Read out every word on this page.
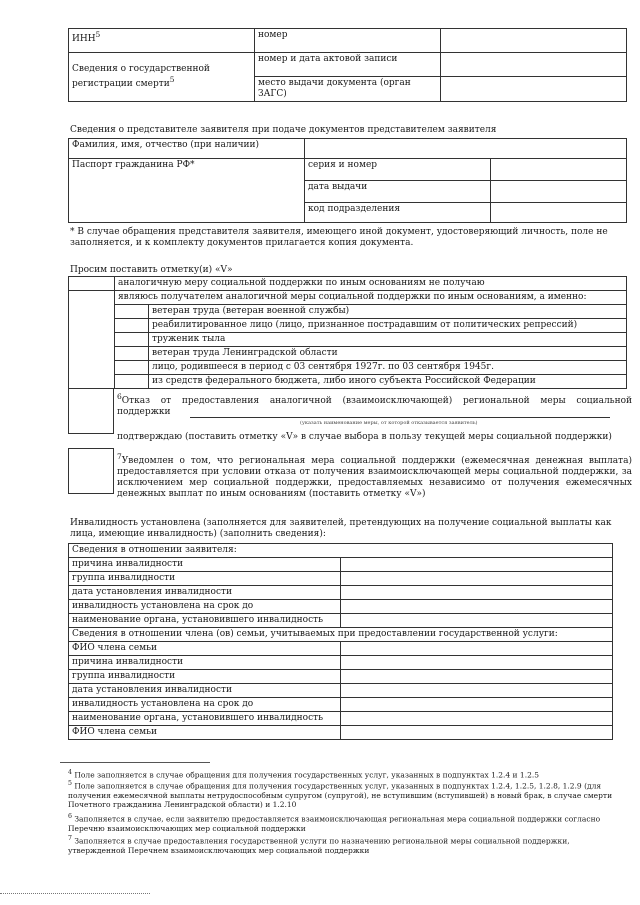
ИНН$^5$	номер	
Сведения о государственной регистрации смерти$^5$	номер и дата актовой записи	
	место выдачи документа (орган ЗАГС)	
Сведения о представителе заявителя при подаче документов представителем заявителя
Фамилия, имя, отчество (при наличии)		
Паспорт гражданина РФ*	серия и номер	
	дата выдачи	
	код подразделения	
* В случае обращения представителя заявителя, имеющего иной документ, удостоверяющий личность, поле не заполняется, и к комплекту документов прилагается копия документа.
Просим поставить отметку(и) «V»
	аналогичную меру социальной поддержки по иным основаниям не получаю	
	являюсь получателем аналогичной меры социальной поддержки по иным основаниям, а именно:	
		ветеран труда (ветеран военной службы)
		реабилитированное лицо (лицо, признанное пострадавшим от политических репрессий)
		труженик тыла
		ветеран труда Ленинградской области
		лицо, родившееся в период с 03 сентября 1927г. по 03 сентября 1945г.
		из средств федерального бюджета, либо иного субъекта Российской Федерации
$^6$Отказ от предоставления аналогичной (взаимоисключающей) региональной меры социальной поддержки
(указать наименование меры, от которой отказывается заявитель)
подтверждаю (поставить отметку «V» в случае выбора в пользу текущей меры социальной поддержки)
$^7$Уведомлен о том, что региональная мера социальной поддержки (ежемесячная денежная выплата) предоставляется при условии отказа от получения взаимоисключающей меры социальной поддержки, за исключением мер социальной поддержки, предоставляемых независимо от получения ежемесячных денежных выплат по иным основаниям (поставить отметку «V»)
Инвалидность установлена (заполняется для заявителей, претендующих на получение социальной выплаты как лица, имеющие инвалидность) (заполнить сведения):
Сведения в отношении заявителя:	
причина инвалидности	
группа инвалидности	
дата установления инвалидности	
инвалидность установлена на срок до	
наименование органа, установившего инвалидность	
Сведения в отношении члена (ов) семьи, учитываемых при предоставлении государственной услуги:	
ФИО члена семьи	
причина инвалидности	
группа инвалидности	
дата установления инвалидности	
инвалидность установлена на срок до	
наименование органа, установившего инвалидность	
ФИО члена семьи	
$^4$ Поле заполняется в случае обращения для получения государственных услуг, указанных в подпунктах 1.2.4 и 1.2.5
$^5$ Поле заполняется в случае обращения для получения государственных услуг, указанных в подпунктах 1.2.4, 1.2.5, 1.2.8, 1.2.9 (для получения ежемесячной выплаты нетрудоспособным супругом (супругой), не вступившим (вступившей) в новый брак, в случае смерти Почетного гражданина Ленинградской области) и 1.2.10
$^6$ Заполняется в случае, если заявителю предоставляется взаимоисключающая региональная мера социальной поддержки согласно Перечню взаимоисключающих мер социальной поддержки
$^7$ Заполняется в случае предоставления государственной услуги по назначению региональной меры социальной поддержки, утвержденной Перечнем взаимоисключающих мер социальной поддержки
